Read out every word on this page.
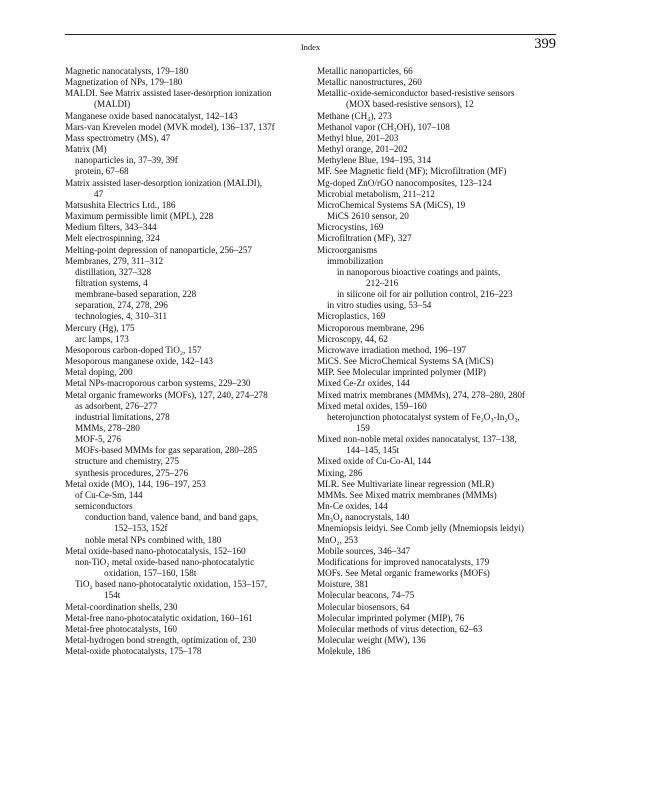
Index	399
Magnetic nanocatalysts, 179–180
Magnetization of NPs, 179–180
MALDI. See Matrix assisted laser-desorption ionization
(MALDI)
Manganese oxide based nanocatalyst, 142–143
Mars-van Krevelen model (MVK model), 136–137, 137f
Mass spectrometry (MS), 47
Matrix (M)
nanoparticles in, 37–39, 39f
protein, 67–68
Matrix assisted laser-desorption ionization (MALDI),
47
Matsushita Electrics Ltd., 186
Maximum permissible limit (MPL), 228
Medium filters, 343–344
Melt electrospinning, 324
Melting-point depression of nanoparticle, 256–257
Membranes, 279, 311–312
distillation, 327–328
filtration systems, 4
membrane-based separation, 228
separation, 274, 278, 296
technologies, 4, 310–311
Mercury (Hg), 175
arc lamps, 173
Mesoporous carbon-doped TiO₂, 157
Mesoporous manganese oxide, 142–143
Metal doping, 200
Metal NPs-macroporous carbon systems, 229–230
Metal organic frameworks (MOFs), 127, 240, 274–278
as adsorbent, 276–277
industrial limitations, 278
MMMs, 278–280
MOF-5, 276
MOFs-based MMMs for gas separation, 280–285
structure and chemistry, 275
synthesis procedures, 275–276
Metal oxide (MO), 144, 196–197, 253
of Cu-Ce-Sm, 144
semiconductors
conduction band, valence band, and band gaps,
152–153, 152f
noble metal NPs combined with, 180
Metal oxide-based nano-photocatalysis, 152–160
non-TiO₂ metal oxide-based nano-photocatalytic
oxidation, 157–160, 158t
TiO₂ based nano-photocatalytic oxidation, 153–157,
154t
Metal-coordination shells, 230
Metal-free nano-photocatalytic oxidation, 160–161
Metal-free photocatalysts, 160
Metal-hydrogen bond strength, optimization of, 230
Metal-oxide photocatalysts, 175–178
Metallic nanoparticles, 66
Metallic nanostructures, 260
Metallic-oxide-semiconductor based-resistive sensors
(MOX based-resistive sensors), 12
Methane (CH₄), 273
Methanol vapor (CH₃OH), 107–108
Methyl blue, 201–203
Methyl orange, 201–202
Methylene Blue, 194–195, 314
MF. See Magnetic field (MF); Microfiltration (MF)
Mg-doped ZnO/rGO nanocomposites, 123–124
Microbial metabolism, 211–212
MicroChemical Systems SA (MiCS), 19
MiCS 2610 sensor, 20
Microcystins, 169
Microfiltration (MF), 327
Microorganisms
immobilization
in nanoporous bioactive coatings and paints,
212–216
in silicone oil for air pollution control, 216–223
in vitro studies using, 53–54
Microplastics, 169
Microporous membrane, 296
Microscopy, 44, 62
Microwave irradiation method, 196–197
MiCS. See MicroChemical Systems SA (MiCS)
MIP. See Molecular imprinted polymer (MIP)
Mixed Ce-Zr oxides, 144
Mixed matrix membranes (MMMs), 274, 278–280, 280f
Mixed metal oxides, 159–160
heterojunction photocatalyst system of Fe₂O₃-In₂O₃,
159
Mixed non-noble metal oxides nanocatalyst, 137–138,
144–145, 145t
Mixed oxide of Cu-Co-Al, 144
Mixing, 286
MLR. See Multivariate linear regression (MLR)
MMMs. See Mixed matrix membranes (MMMs)
Mn-Ce oxides, 144
Mn₃O₄ nanocrystals, 140
Mnemiopsis leidyi. See Comb jelly (Mnemiopsis leidyi)
MnO₂, 253
Mobile sources, 346–347
Modifications for improved nanocatalysts, 179
MOFs. See Metal organic frameworks (MOFs)
Moisture, 381
Molecular beacons, 74–75
Molecular biosensors, 64
Molecular imprinted polymer (MIP), 76
Molecular methods of virus detection, 62–63
Molecular weight (MW), 136
Molekule, 186
